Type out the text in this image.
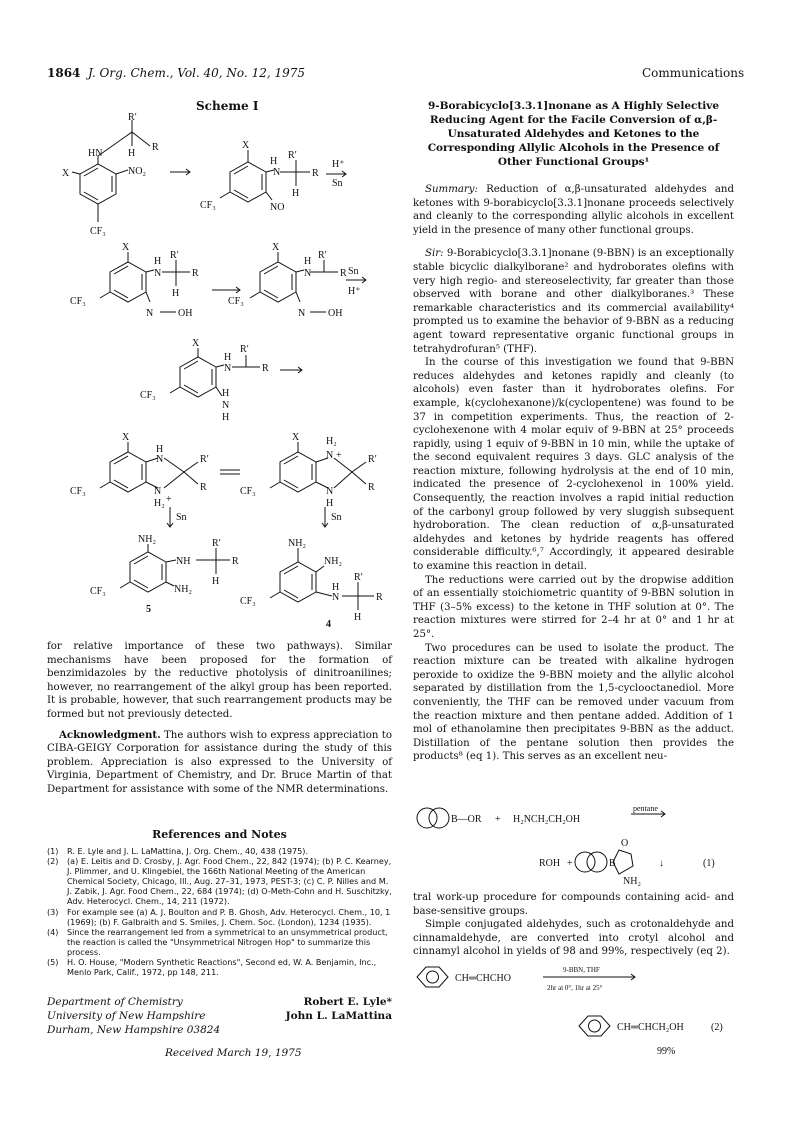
1864 J. Org. Chem., Vol. 40, No. 12, 1975	Communications
Scheme I
R′
R
HN	H
X	NO₂
CF₃
X
H
R′
N	R
H
CF₃	NO
H⁺
Sn
X
H
R′
N	R
H
CF₃
N OH
X
H
R′
N	R
CF₃
N OH
Sn
H⁺
X
H
R′
N	R
CF₃	H
N
H
X
H
N	R′
R
N
H₂ +
CF₃
X	H₂
N +	R′
R
N
H
CF₃
Sn	Sn
NH₂
NH
R′
R
H
NH₂
CF₃
5
NH₂
NH₂
H
N
R′
R
H
CF₃
4

for relative importance of these two pathways). Similar mechanisms have been proposed for the formation of benzimidazoles by the reductive photolysis of dinitroanilines; however, no rearrangement of the alkyl group has been reported. It is probable, however, that such rearrangement products may be formed but not previously detected.

Acknowledgment. The authors wish to express appreciation to CIBA-GEIGY Corporation for assistance during the study of this problem. Appreciation is also expressed to the University of Virginia, Department of Chemistry, and Dr. Bruce Martin of that Department for assistance with some of the NMR determinations.

References and Notes
(1)	R. E. Lyle and J. L. LaMattina, J. Org. Chem., 40, 438 (1975).
(2)	(a) E. Leitis and D. Crosby, J. Agr. Food Chem., 22, 842 (1974); (b) P. C. Kearney, J. Plimmer, and U. Klingebiel, the 166th National Meeting of the American Chemical Society, Chicago, Ill., Aug. 27–31, 1973, PEST-3; (c) C. P. Nilles and M. J. Zabik, J. Agr. Food Chem., 22, 684 (1974); (d) O-Meth-Cohn and H. Suschitzky, Adv. Heterocycl. Chem., 14, 211 (1972).
(3)	For example see (a) A. J. Boulton and P. B. Ghosh, Adv. Heterocycl. Chem., 10, 1 (1969); (b) F. Galbraith and S. Smiles, J. Chem. Soc. (London), 1234 (1935).
(4)	Since the rearrangement led from a symmetrical to an unsymmetrical product, the reaction is called the "Unsymmetrical Nitrogen Hop" to summarize this process.
(5)	H. O. House, "Modern Synthetic Reactions", Second ed, W. A. Benjamin, Inc., Menlo Park, Calif., 1972, pp 148, 211.
Department of Chemistry
University of New Hampshire
Durham, New Hampshire 03824
Robert E. Lyle*
John L. LaMattina
Received March 19, 1975
9-Borabicyclo[3.3.1]nonane as A Highly Selective Reducing Agent for the Facile Conversion of α,β-Unsaturated Aldehydes and Ketones to the Corresponding Allylic Alcohols in the Presence of Other Functional Groups¹

Summary: Reduction of α,β-unsaturated aldehydes and ketones with 9-borabicyclo[3.3.1]nonane proceeds selectively and cleanly to the corresponding allylic alcohols in excellent yield in the presence of many other functional groups.

Sir: 9-Borabicyclo[3.3.1]nonane (9-BBN) is an exceptionally stable bicyclic dialkylborane² and hydroborates olefins with very high regio- and stereoselectivity, far greater than those observed with borane and other dialkylboranes.³ These remarkable characteristics and its commercial availability⁴ prompted us to examine the behavior of 9-BBN as a reducing agent toward representative organic functional groups in tetrahydrofuran⁵ (THF).

In the course of this investigation we found that 9-BBN reduces aldehydes and ketones rapidly and cleanly (to alcohols) even faster than it hydroborates olefins. For example, k(cyclohexanone)/k(cyclopentene) was found to be 37 in competition experiments. Thus, the reaction of 2-cyclohexenone with 4 molar equiv of 9-BBN at 25° proceeds rapidly, using 1 equiv of 9-BBN in 10 min, while the uptake of the second equivalent requires 3 days. GLC analysis of the reaction mixture, following hydrolysis at the end of 10 min, indicated the presence of 2-cyclohexenol in 100% yield. Consequently, the reaction involves a rapid initial reduction of the carbonyl group followed by very sluggish subsequent hydroboration. The clean reduction of α,β-unsaturated aldehydes and ketones by hydride reagents has offered considerable difficulty.⁶,⁷ Accordingly, it appeared desirable to examine this reaction in detail.

The reductions were carried out by the dropwise addition of an essentially stoichiometric quantity of 9-BBN solution in THF (3–5% excess) to the ketone in THF solution at 0°. The reaction mixtures were stirred for 2–4 hr at 0° and 1 hr at 25°.

Two procedures can be used to isolate the product. The reaction mixture can be treated with alkaline hydrogen peroxide to oxidize the 9-BBN moiety and the allylic alcohol separated by distillation from the 1,5-cyclooctanediol. More conveniently, the THF can be removed under vacuum from the reaction mixture and then pentane added. Addition of 1 mol of ethanolamine then precipitates 9-BBN as the adduct. Distillation of the pentane solution then provides the products⁸ (eq 1). This serves as an excellent neu-

B—OR + H₂NCH₂CH₂OH
pentane
ROH +	B
O
NH₂
↓	(1)

tral work-up procedure for compounds containing acid- and base-sensitive groups.

Simple conjugated aldehydes, such as crotonaldehyde and cinnamaldehyde, are converted into crotyl alcohol and cinnamyl alcohol in yields of 98 and 99%, respectively (eq 2).

CH═CHCHO
9-BBN, THF
2hr at 0°, 1hr at 25°
CH═CHCH₂OH	(2)
99%
